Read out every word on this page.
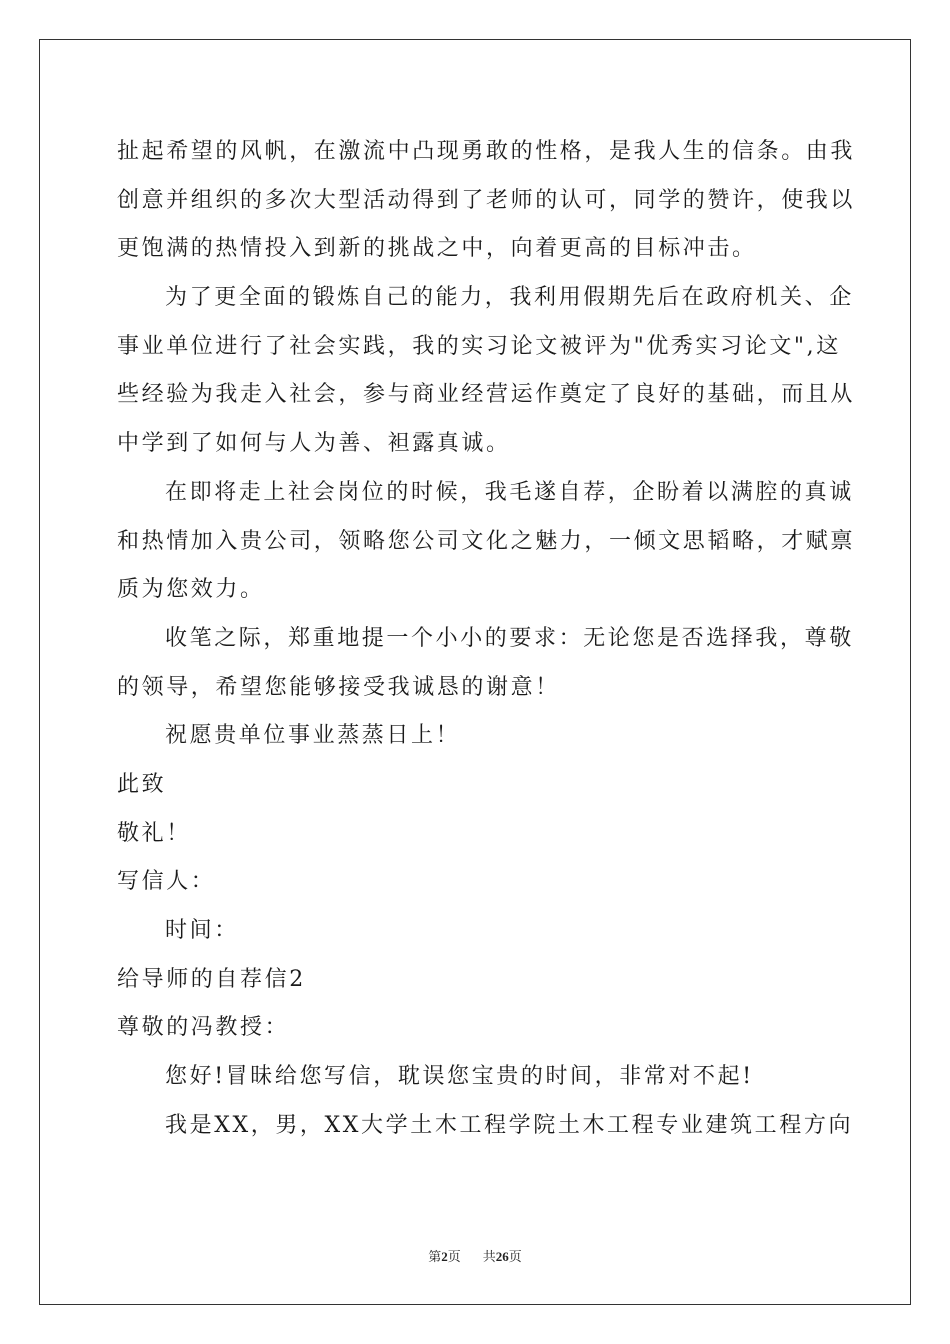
扯起希望的风帆，在激流中凸现勇敢的性格，是我人生的信条。由我
创意并组织的多次大型活动得到了老师的认可，同学的赞许，使我以
更饱满的热情投入到新的挑战之中，向着更高的目标冲击。
为了更全面的锻炼自己的能力，我利用假期先后在政府机关、企
事业单位进行了社会实践，我的实习论文被评为"优秀实习论文",这
些经验为我走入社会，参与商业经营运作奠定了良好的基础，而且从
中学到了如何与人为善、袒露真诚。
在即将走上社会岗位的时候，我毛遂自荐，企盼着以满腔的真诚
和热情加入贵公司，领略您公司文化之魅力，一倾文思韬略，才赋禀
质为您效力。
收笔之际，郑重地提一个小小的要求：无论您是否选择我，尊敬
的领导，希望您能够接受我诚恳的谢意！
祝愿贵单位事业蒸蒸日上！
此致
敬礼！
写信人：
时间：
给导师的自荐信2
尊敬的冯教授：
您好!冒昧给您写信，耽误您宝贵的时间，非常对不起!
我是XX，男，XX大学土木工程学院土木工程专业建筑工程方向
第2页 共26页
